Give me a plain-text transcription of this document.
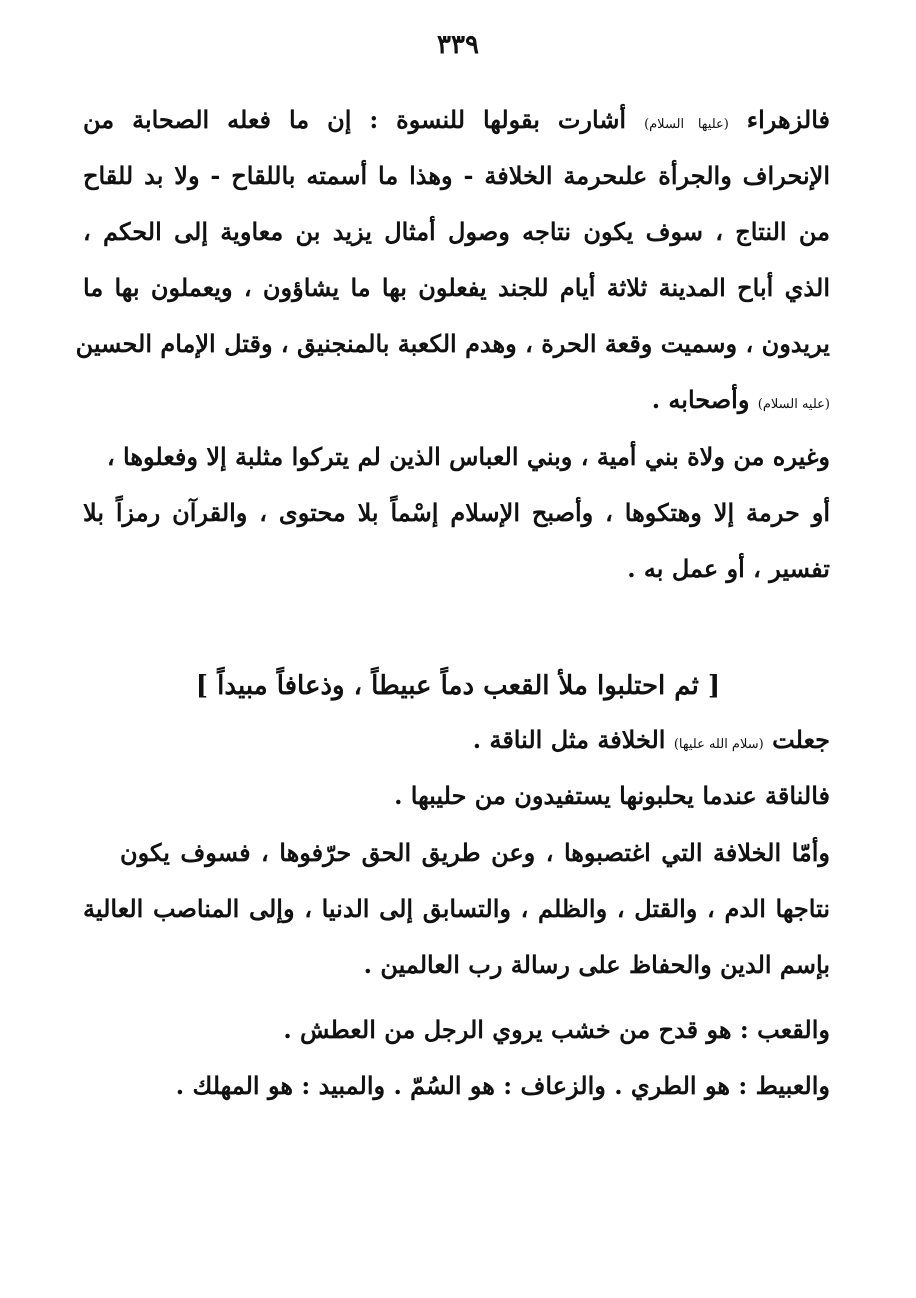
٣٣٩
فالزهراء (عليها السلام) أشارت بقولها للنسوة : إن ما فعله الصحابة من
الإنحراف والجرأة علىحرمة الخلافة - وهذا ما أسمته باللقاح - ولا بد للقاح
من النتاج ، سوف يكون نتاجه وصول أمثال يزيد بن معاوية إلى الحكم ،
الذي أباح المدينة ثلاثة أيام للجند يفعلون بها ما يشاؤون ، ويعملون بها ما
يريدون ، وسميت وقعة الحرة ، وهدم الكعبة بالمنجنيق ، وقتل الإمام الحسين
(عليه السلام) وأصحابه .
وغيره من ولاة بني أمية ، وبني العباس الذين لم يتركوا مثلبة إلا وفعلوها ،
أو حرمة إلا وهتكوها ، وأصبح الإسلام إسْماً بلا محتوى ، والقرآن رمزاً بلا
تفسير ، أو عمل به .
[ ثم احتلبوا ملأ القعب دماً عبيطاً ، وذعافاً مبيداً ]
جعلت (سلام الله عليها) الخلافة مثل الناقة .
فالناقة عندما يحلبونها يستفيدون من حليبها .
وأمّا الخلافة التي اغتصبوها ، وعن طريق الحق حرّفوها ، فسوف يكون
نتاجها الدم ، والقتل ، والظلم ، والتسابق إلى الدنيا ، وإلى المناصب العالية
بإسم الدين والحفاظ على رسالة رب العالمين .
والقعب : هو قدح من خشب يروي الرجل من العطش .
والعبيط : هو الطري . والزعاف : هو السُمّ . والمبيد : هو المهلك .
